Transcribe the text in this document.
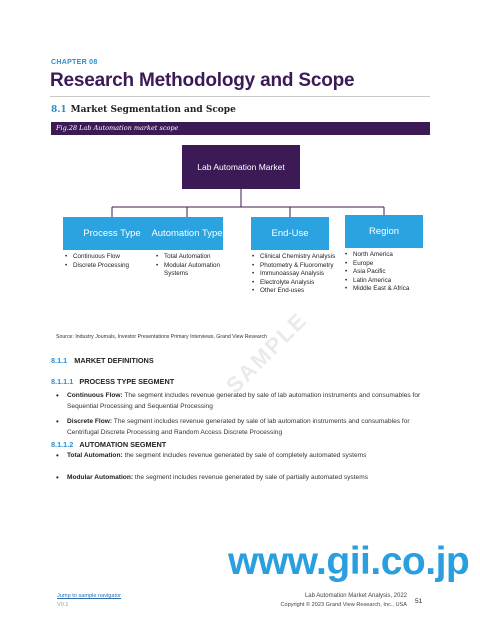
CHAPTER 08
Research Methodology and Scope
8.1 Market Segmentation and Scope
Fig.28 Lab Automation market scope
Lab Automation Market
Process Type	Automation Type	End-Use	Region
• Continuous Flow
• Discrete Processing
• Total Automation
• Modular Automation Systems
• Clinical Chemistry Analysis
• Photometry & Fluorometry
• Immunoassay Analysis
• Electrolyte Analysis
• Other End-uses
• North America
• Europe
• Asia Pacific
• Latin America
• Middle East & Africa
Source: Industry Journals, Investor Presentations Primary Interviews, Grand View Research
SAMPLE
8.1.1 MARKET DEFINITIONS
8.1.1.1 PROCESS TYPE SEGMENT
• Continuous Flow: The segment includes revenue generated by sale of lab automation instruments and consumables for Sequential Processing and Sequential Processing
• Discrete Flow: The segment includes revenue generated by sale of lab automation instruments and consumables for Centrifugal Discrete Processing and Random Access Discrete Processing
8.1.1.2 AUTOMATION SEGMENT
• Total Automation: the segment includes revenue generated by sale of completely automated systems
• Modular Automation: the segment includes revenue generated by sale of partially automated systems
www.gii.co.jp
Jump to sample navigator
V0.1
Lab Automation Market Analysis, 2022
Copyright © 2023 Grand View Research, Inc., USA 51
